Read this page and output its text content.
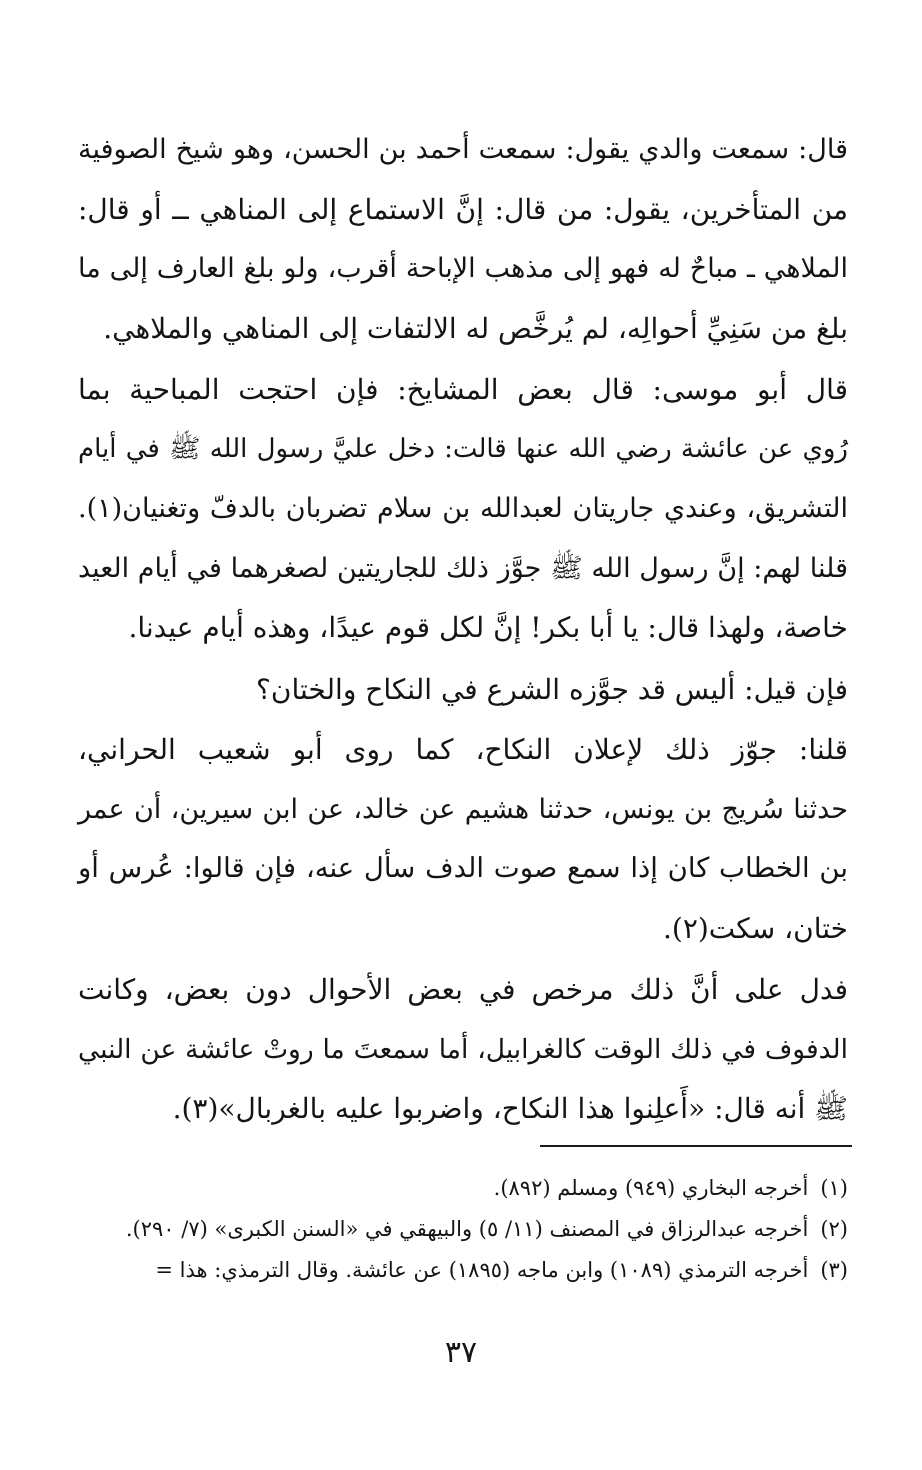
قال: سمعت والدي يقول: سمعت أحمد بن الحسن، وهو شيخ الصوفية
من المتأخرين، يقول: من قال: إنَّ الاستماع إلى المناهي ــ أو قال:
الملاهي ـ مباحٌ له فهو إلى مذهب الإباحة أقرب، ولو بلغ العارف إلى ما
بلغ من سَنِيِّ أحوالِه، لم يُرخَّص له الالتفات إلى المناهي والملاهي.
قال أبو موسى: قال بعض المشايخ: فإن احتجت المباحية بما
رُوي عن عائشة رضي الله عنها قالت: دخل عليَّ رسول الله ﷺ في أيام
التشريق، وعندي جاريتان لعبدالله بن سلام تضربان بالدفّ وتغنيان(١).
قلنا لهم: إنَّ رسول الله ﷺ جوَّز ذلك للجاريتين لصغرهما في أيام العيد
خاصة، ولهذا قال: يا أبا بكر! إنَّ لكل قوم عيدًا، وهذه أيام عيدنا.
فإن قيل: أليس قد جوَّزه الشرع في النكاح والختان؟
قلنا: جوّز ذلك لإعلان النكاح، كما روى أبو شعيب الحراني،
حدثنا سُريج بن يونس، حدثنا هشيم عن خالد، عن ابن سيرين، أن عمر
بن الخطاب كان إذا سمع صوت الدف سأل عنه، فإن قالوا: عُرس أو
ختان، سكت(٢).
فدل على أنَّ ذلك مرخص في بعض الأحوال دون بعض، وكانت
الدفوف في ذلك الوقت كالغرابيل، أما سمعتَ ما روتْ عائشة عن النبي
ﷺ أنه قال: «أَعلِنوا هذا النكاح، واضربوا عليه بالغربال»(٣).
(١)أخرجه البخاري (٩٤٩) ومسلم (٨٩٢).
(٢)أخرجه عبدالرزاق في المصنف (١١/ ٥) والبيهقي في «السنن الكبرى» (٧/ ٢٩٠).
(٣)أخرجه الترمذي (١٠٨٩) وابن ماجه (١٨٩٥) عن عائشة. وقال الترمذي: هذا =
٣٧
